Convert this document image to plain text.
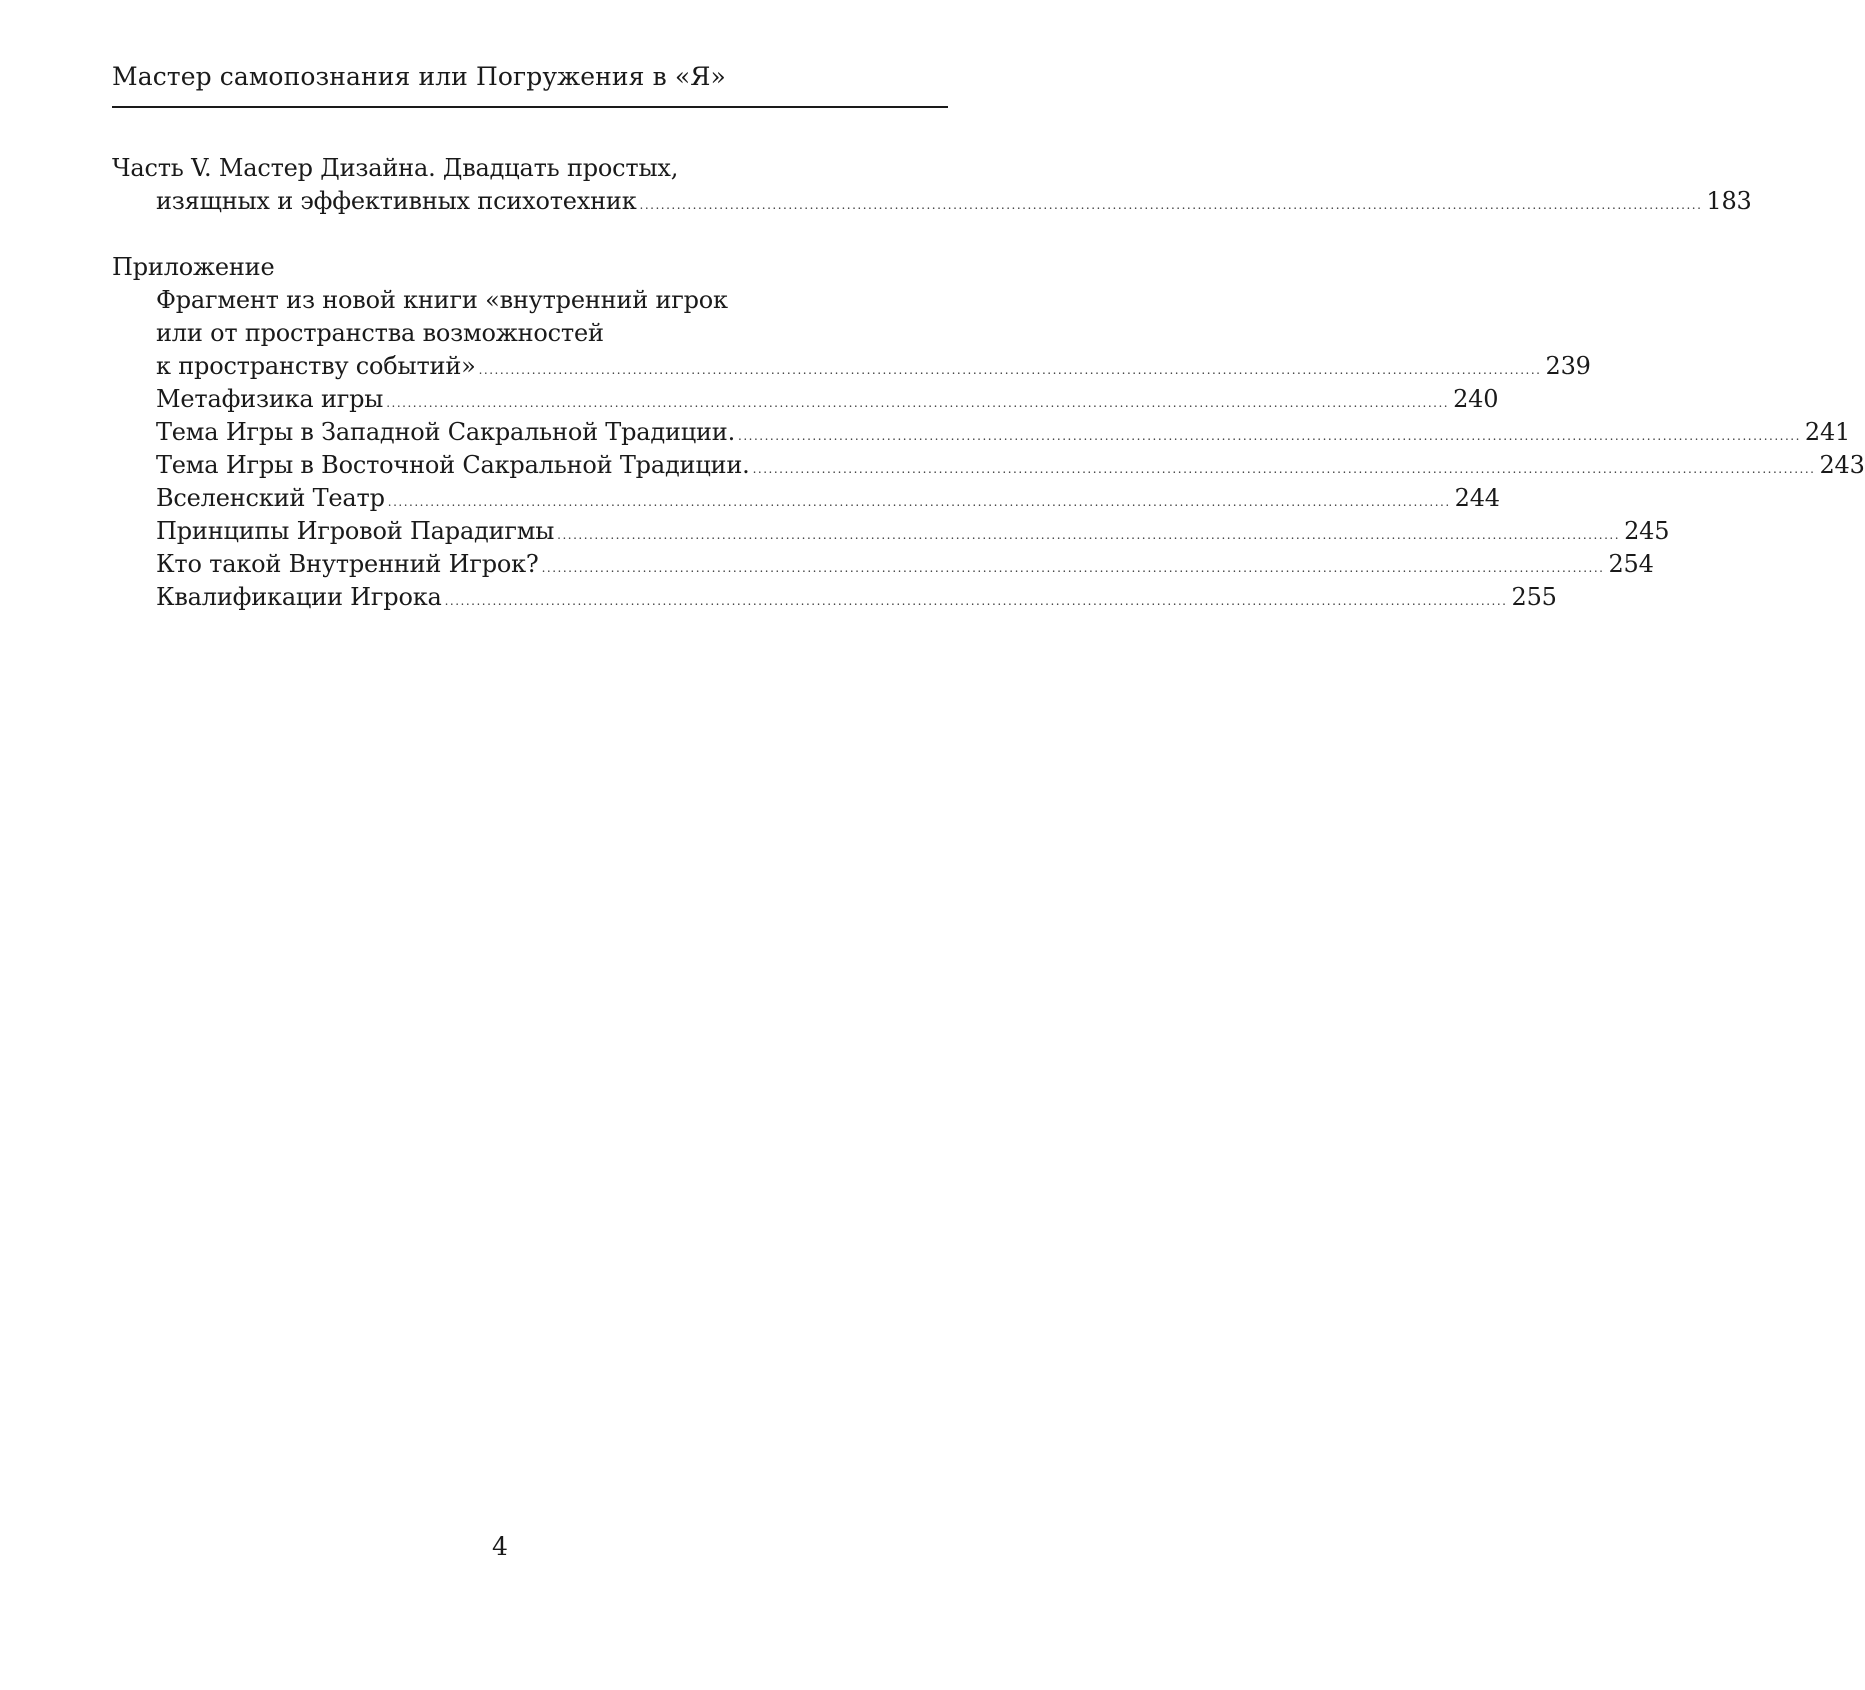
Мастер самопознания или Погружения в «Я»
Часть V. Мастер Дизайна. Двадцать простых,
изящных и эффективных психотехник ........................................................................................................................................................................................................ 183
Приложение
Фрагмент из новой книги «внутренний игрок
или от пространства возможностей
к пространству событий» ........................................................................................................................................................................................................ 239
Метафизика игры ........................................................................................................................................................................................................ 240
Тема Игры в Западной Сакральной Традиции. ........................................................................................................................................................................................................ 241
Тема Игры в Восточной Сакральной Традиции. ........................................................................................................................................................................................................ 243
Вселенский Театр ........................................................................................................................................................................................................ 244
Принципы Игровой Парадигмы ........................................................................................................................................................................................................ 245
Кто такой Внутренний Игрок? ........................................................................................................................................................................................................ 254
Квалификации Игрока ........................................................................................................................................................................................................ 255
4
